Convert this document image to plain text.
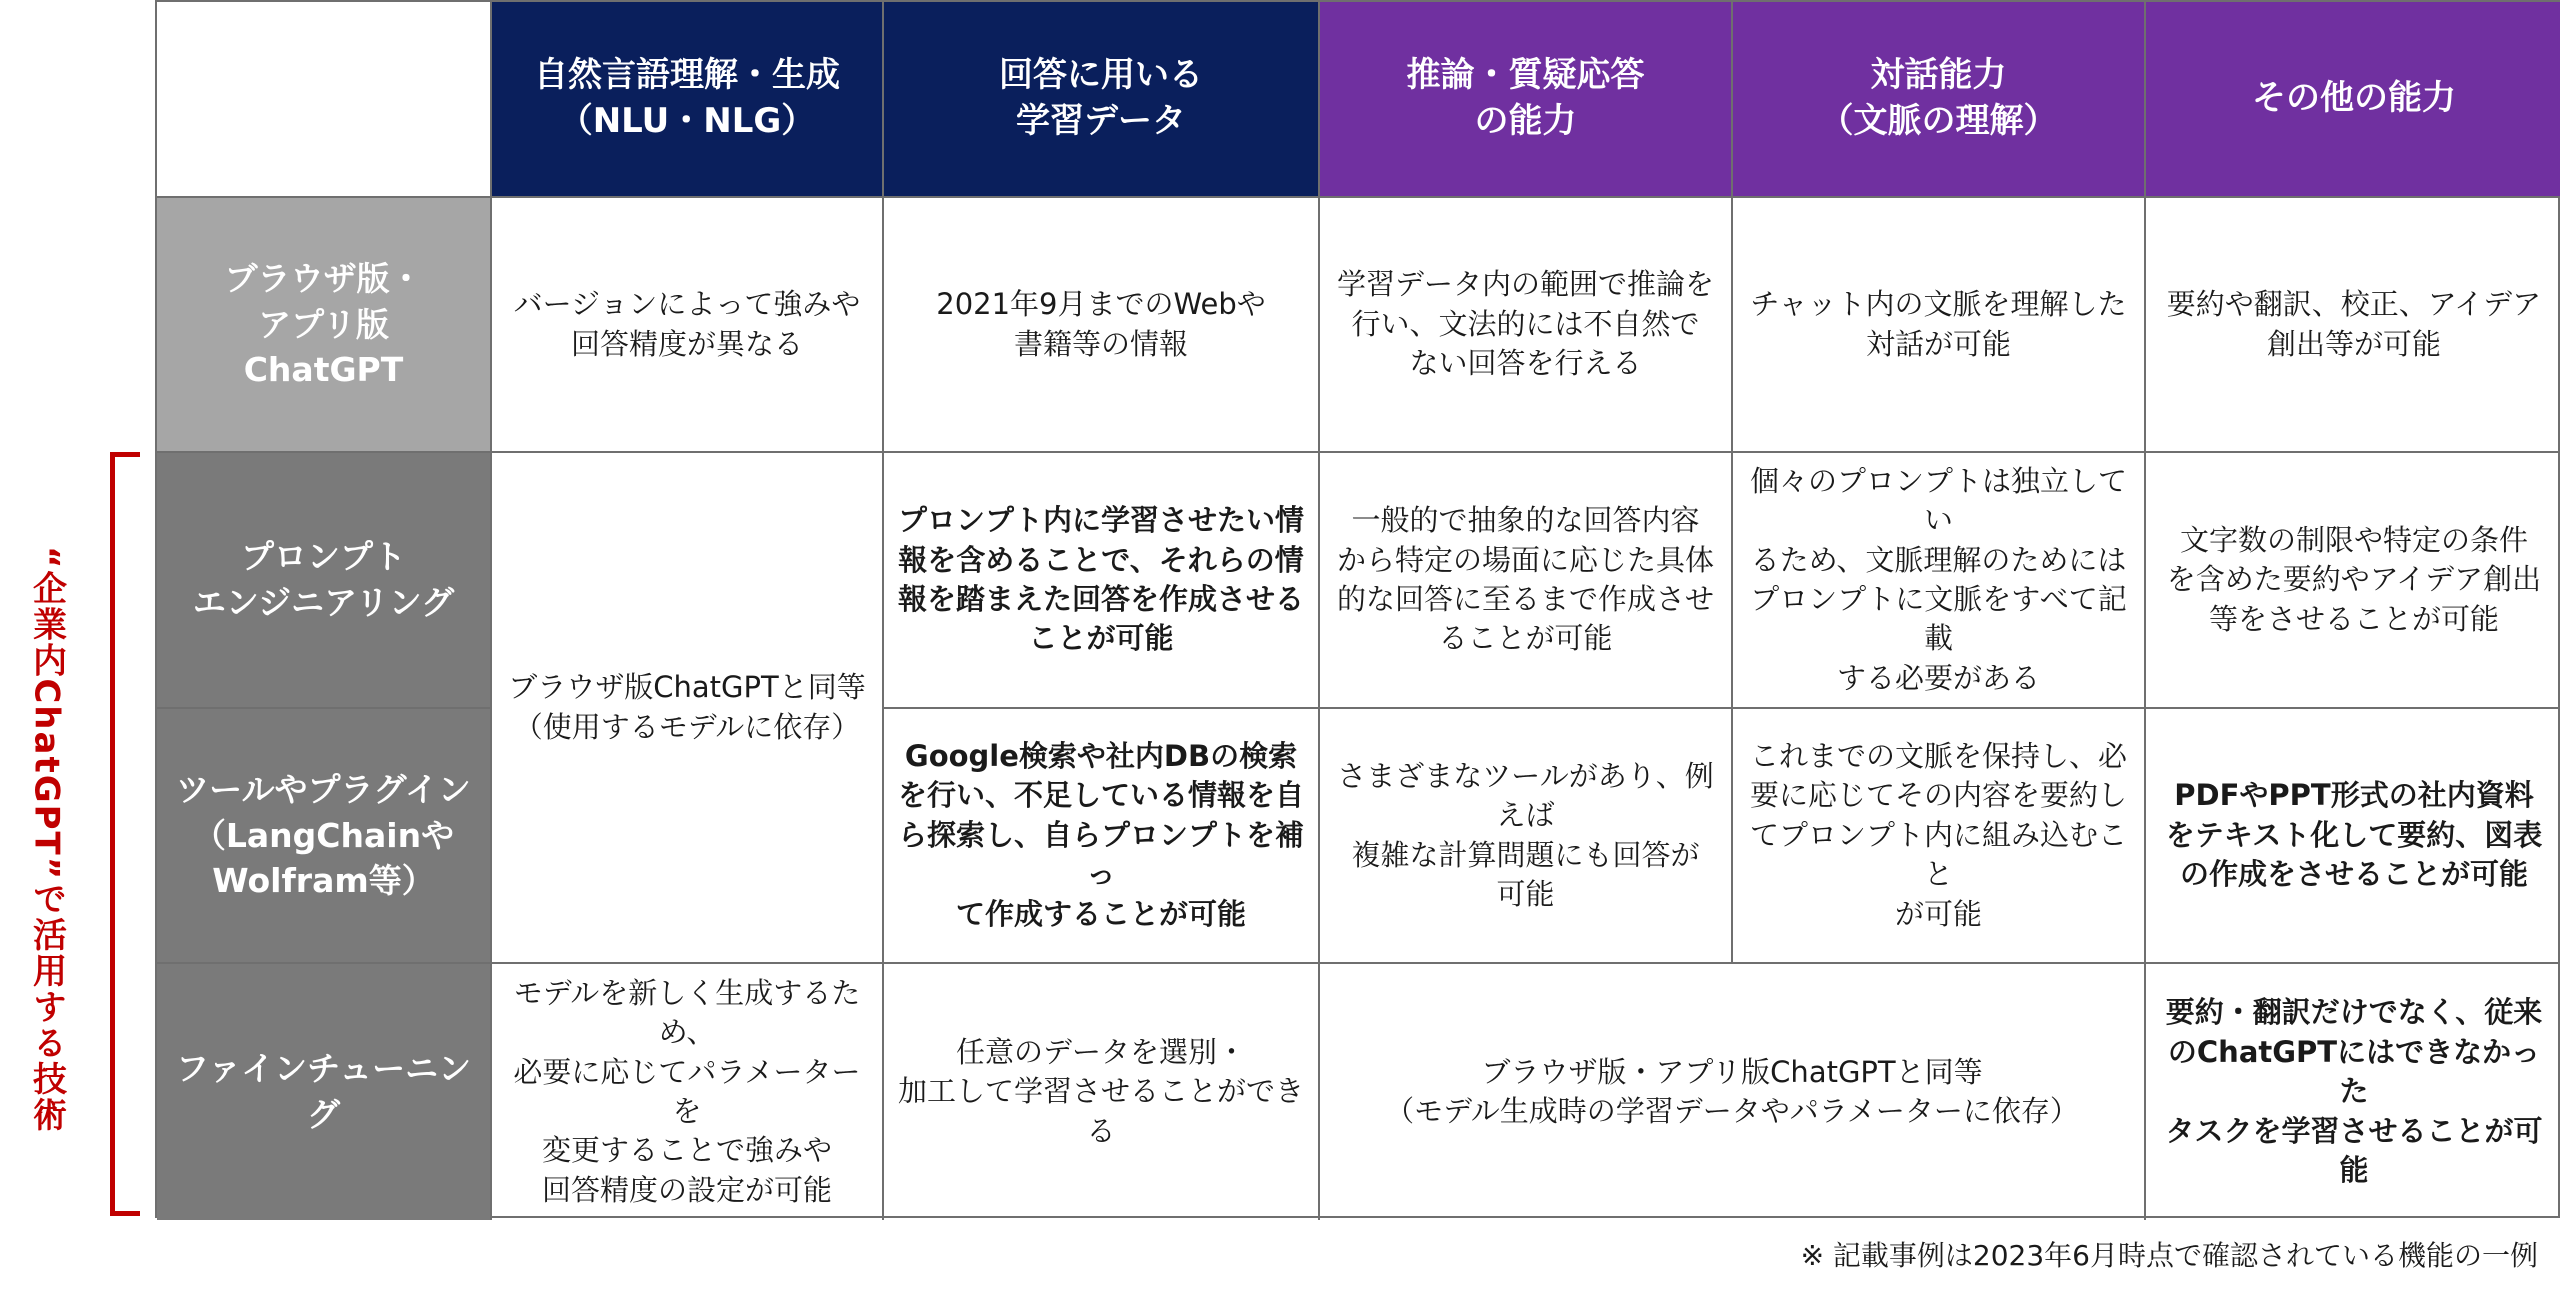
“企業内ChatGPT”で活用する技術
自然言語理解・生成
（NLU・NLG）
回答に用いる
学習データ
推論・質疑応答
の能力
対話能力
（文脈の理解）
その他の能力
ブラウザ版・
アプリ版
ChatGPT
バージョンによって強みや
回答精度が異なる
2021年9月までのWebや
書籍等の情報
学習データ内の範囲で推論を
行い、文法的には不自然で
ない回答を行える
チャット内の文脈を理解した
対話が可能
要約や翻訳、校正、アイデア
創出等が可能
プロンプト
エンジニアリング
ブラウザ版ChatGPTと同等
（使用するモデルに依存）
プロンプト内に学習させたい情
報を含めることで、それらの情
報を踏まえた回答を作成させる
ことが可能
一般的で抽象的な回答内容
から特定の場面に応じた具体
的な回答に至るまで作成させ
ることが可能
個々のプロンプトは独立してい
るため、文脈理解のためには
プロンプトに文脈をすべて記載
する必要がある
文字数の制限や特定の条件
を含めた要約やアイデア創出
等をさせることが可能
ツールやプラグイン
（LangChainや
Wolfram等）
Google検索や社内DBの検索
を行い、不足している情報を自
ら探索し、自らプロンプトを補っ
て作成することが可能
さまざまなツールがあり、例えば
複雑な計算問題にも回答が
可能
これまでの文脈を保持し、必
要に応じてその内容を要約し
てプロンプト内に組み込むこと
が可能
PDFやPPT形式の社内資料
をテキスト化して要約、図表
の作成をさせることが可能
ファインチューニング
モデルを新しく生成するため、
必要に応じてパラメーターを
変更することで強みや
回答精度の設定が可能
任意のデータを選別・
加工して学習させることができる
ブラウザ版・アプリ版ChatGPTと同等
（モデル生成時の学習データやパラメーターに依存）
要約・翻訳だけでなく、従来
のChatGPTにはできなかった
タスクを学習させることが可能
※ 記載事例は2023年6月時点で確認されている機能の一例
